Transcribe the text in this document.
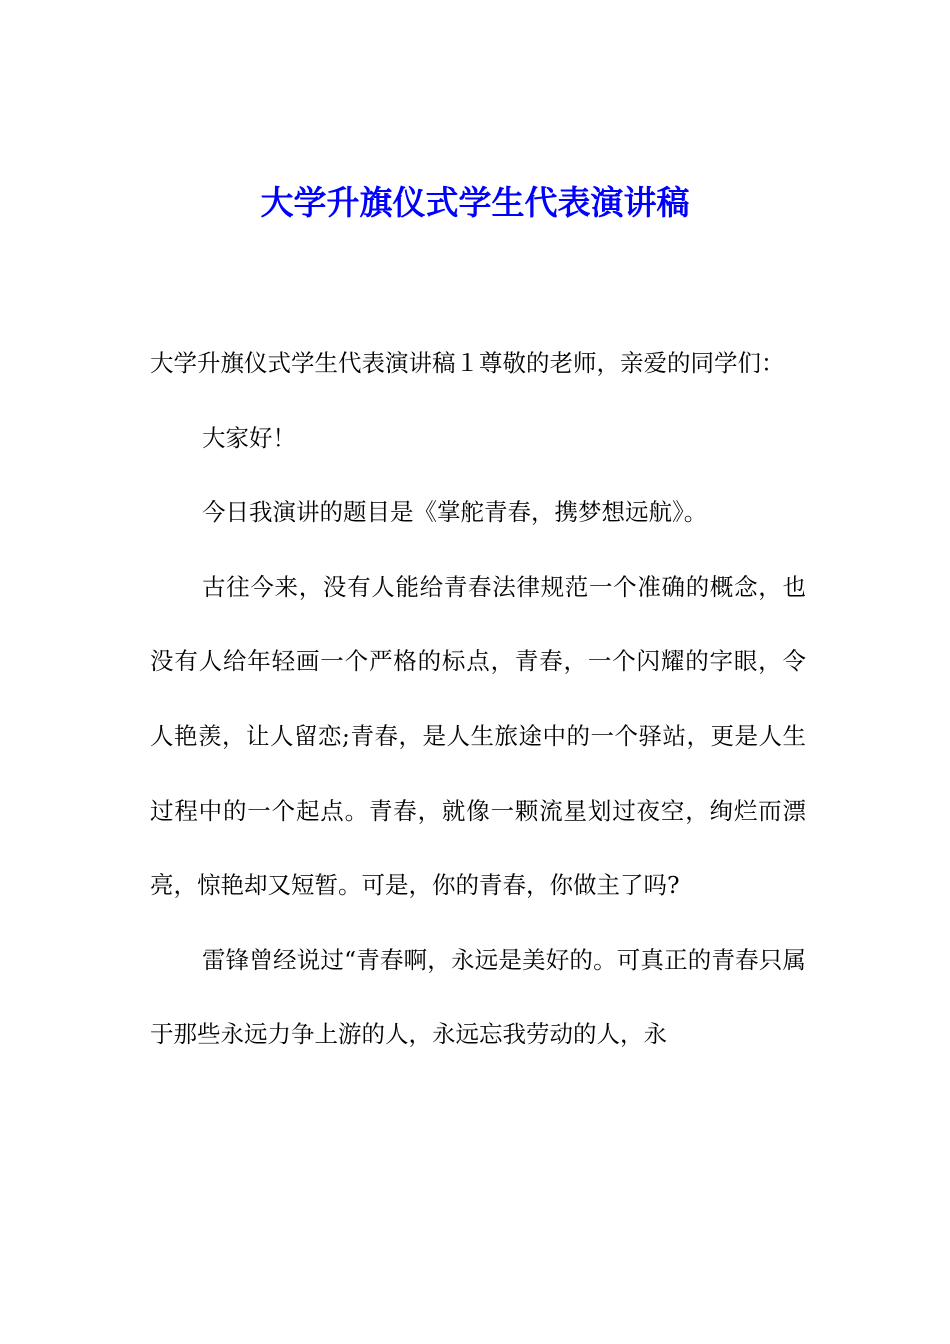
大学升旗仪式学生代表演讲稿

大学升旗仪式学生代表演讲稿１尊敬的老师，亲爱的同学们：

大家好！

今日我演讲的题目是《掌舵青春，携梦想远航》。

古往今来，没有人能给青春法律规范一个准确的概念，也没有人给年轻画一个严格的标点，青春，一个闪耀的字眼，令人艳羡，让人留恋;青春，是人生旅途中的一个驿站，更是人生过程中的一个起点。青春，就像一颗流星划过夜空，绚烂而漂亮，惊艳却又短暂。可是，你的青春，你做主了吗?

雷锋曾经说过“青春啊，永远是美好的。可真正的青春只属于那些永远力争上游的人，永远忘我劳动的人，永
